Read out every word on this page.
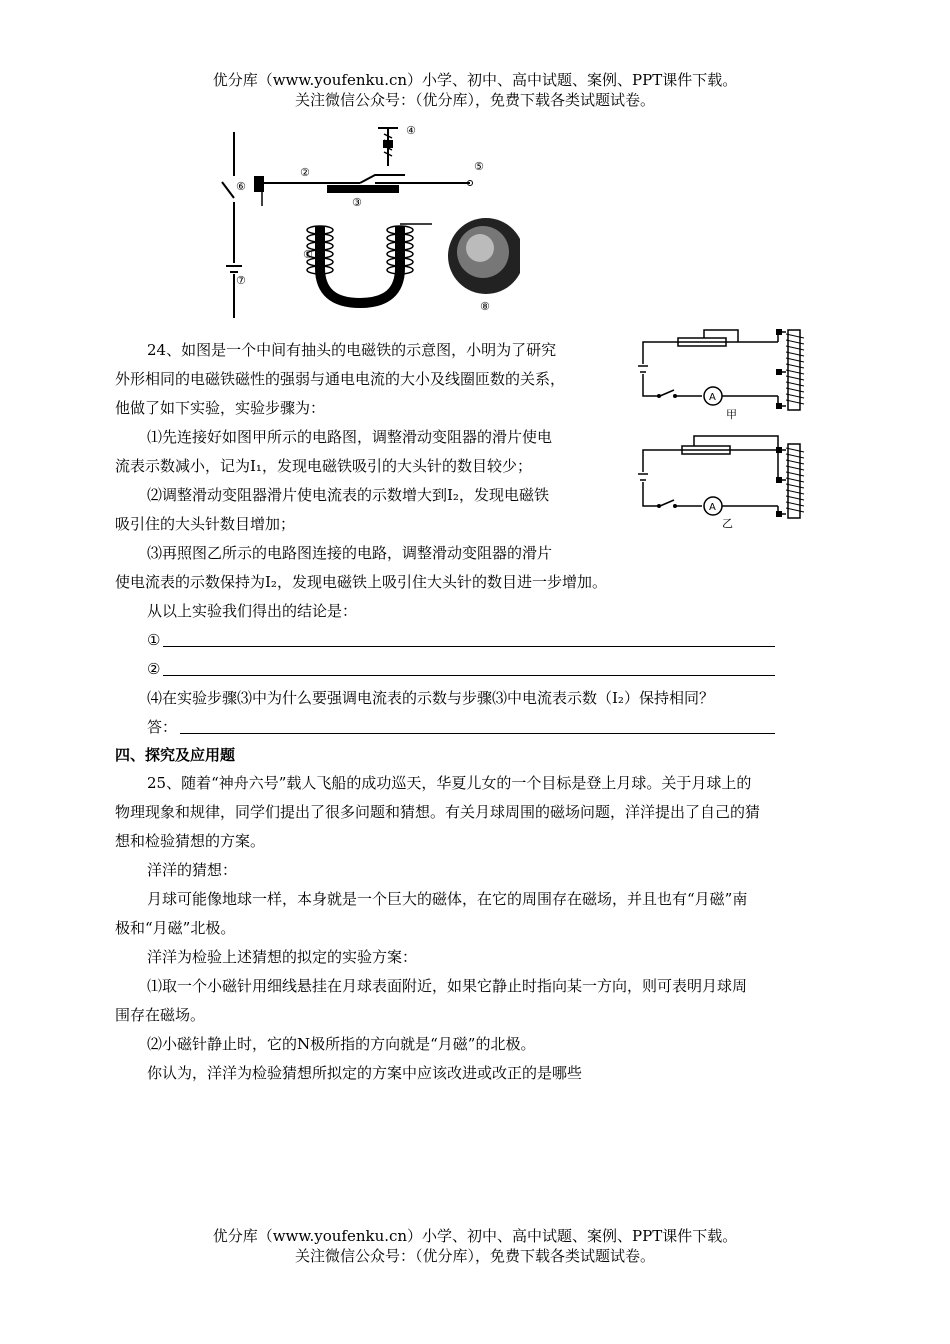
优分库（www.youfenku.cn）小学、初中、高中试题、案例、PPT课件下载。
关注微信公众号：（优分库），免费下载各类试题试卷。
①
②
③
④
⑤
⑥
⑦
⑧
A
甲
A
乙
24、如图是一个中间有抽头的电磁铁的示意图，小明为了研究
外形相同的电磁铁磁性的强弱与通电电流的大小及线圈匝数的关系，
他做了如下实验，实验步骤为：
⑴先连接好如图甲所示的电路图，调整滑动变阻器的滑片使电
流表示数减小，记为I₁，发现电磁铁吸引的大头针的数目较少；
⑵调整滑动变阻器滑片使电流表的示数增大到I₂，发现电磁铁
吸引住的大头针数目增加；
⑶再照图乙所示的电路图连接的电路，调整滑动变阻器的滑片
使电流表的示数保持为I₂，发现电磁铁上吸引住大头针的数目进一步增加。
从以上实验我们得出的结论是：
①
②
⑷在实验步骤⑶中为什么要强调电流表的示数与步骤⑶中电流表示数（I₂）保持相同？
答：
四、探究及应用题
25、随着“神舟六号”载人飞船的成功巡天，华夏儿女的一个目标是登上月球。关于月球上的
物理现象和规律，同学们提出了很多问题和猜想。有关月球周围的磁场问题，洋洋提出了自己的猜
想和检验猜想的方案。
洋洋的猜想：
月球可能像地球一样，本身就是一个巨大的磁体，在它的周围存在磁场，并且也有“月磁”南
极和“月磁”北极。
洋洋为检验上述猜想的拟定的实验方案：
⑴取一个小磁针用细线悬挂在月球表面附近，如果它静止时指向某一方向，则可表明月球周
围存在磁场。
⑵小磁针静止时，它的N极所指的方向就是“月磁”的北极。
你认为，洋洋为检验猜想所拟定的方案中应该改进或改正的是哪些
优分库（www.youfenku.cn）小学、初中、高中试题、案例、PPT课件下载。
关注微信公众号：（优分库），免费下载各类试题试卷。
